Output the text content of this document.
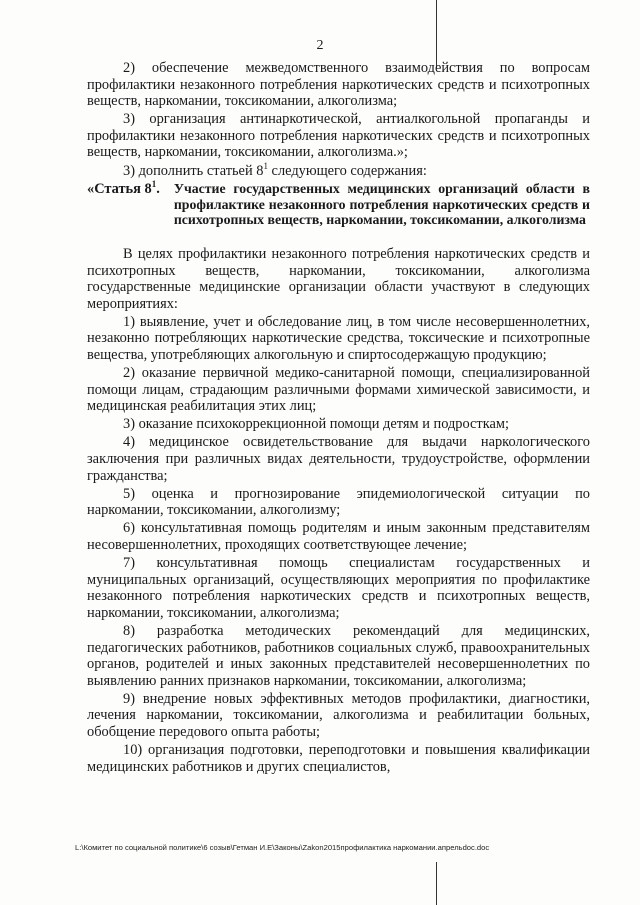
2

2) обеспечение межведомственного взаимодействия по вопросам профилактики незаконного потребления наркотических средств и психотропных веществ, наркомании, токсикомании, алкоголизма;

3) организация антинаркотической, антиалкогольной пропаганды и профилактики незаконного потребления наркотических средств и психотропных веществ, наркомании, токсикомании, алкоголизма.»;

3) дополнить статьей $8^1$ следующего содержания:

«Статья $8^1$.	Участие государственных медицинских организаций области в профилактике незаконного потребления наркотических средств и психотропных веществ, наркомании, токсикомании, алкоголизма

В целях профилактики незаконного потребления наркотических средств и психотропных веществ, наркомании, токсикомании, алкоголизма государственные медицинские организации области участвуют в следующих мероприятиях:

1) выявление, учет и обследование лиц, в том числе несовершеннолетних, незаконно потребляющих наркотические средства, токсические и психотропные вещества, употребляющих алкогольную и спиртосодержащую продукцию;

2) оказание первичной медико-санитарной помощи, специализированной помощи лицам, страдающим различными формами химической зависимости, и медицинская реабилитация этих лиц;

3) оказание психокоррекционной помощи детям и подросткам;

4) медицинское освидетельствование для выдачи наркологического заключения при различных видах деятельности, трудоустройстве, оформлении гражданства;

5) оценка и прогнозирование эпидемиологической ситуации по наркомании, токсикомании, алкоголизму;

6) консультативная помощь родителям и иным законным представителям несовершеннолетних, проходящих соответствующее лечение;

7) консультативная помощь специалистам государственных и муниципальных организаций, осуществляющих мероприятия по профилактике незаконного потребления наркотических средств и психотропных веществ, наркомании, токсикомании, алкоголизма;

8) разработка методических рекомендаций для медицинских, педагогических работников, работников социальных служб, правоохранительных органов, родителей и иных законных представителей несовершеннолетних по выявлению ранних признаков наркомании, токсикомании, алкоголизма;

9) внедрение новых эффективных методов профилактики, диагностики, лечения наркомании, токсикомании, алкоголизма и реабилитации больных, обобщение передового опыта работы;

10) организация подготовки, переподготовки и повышения квалификации медицинских работников и других специалистов,

L:\Комитет по социальной политике\6 созыв\Гетман И.Е\Законы\Zakon2015профилактика наркомании.апрельdoc.doc
